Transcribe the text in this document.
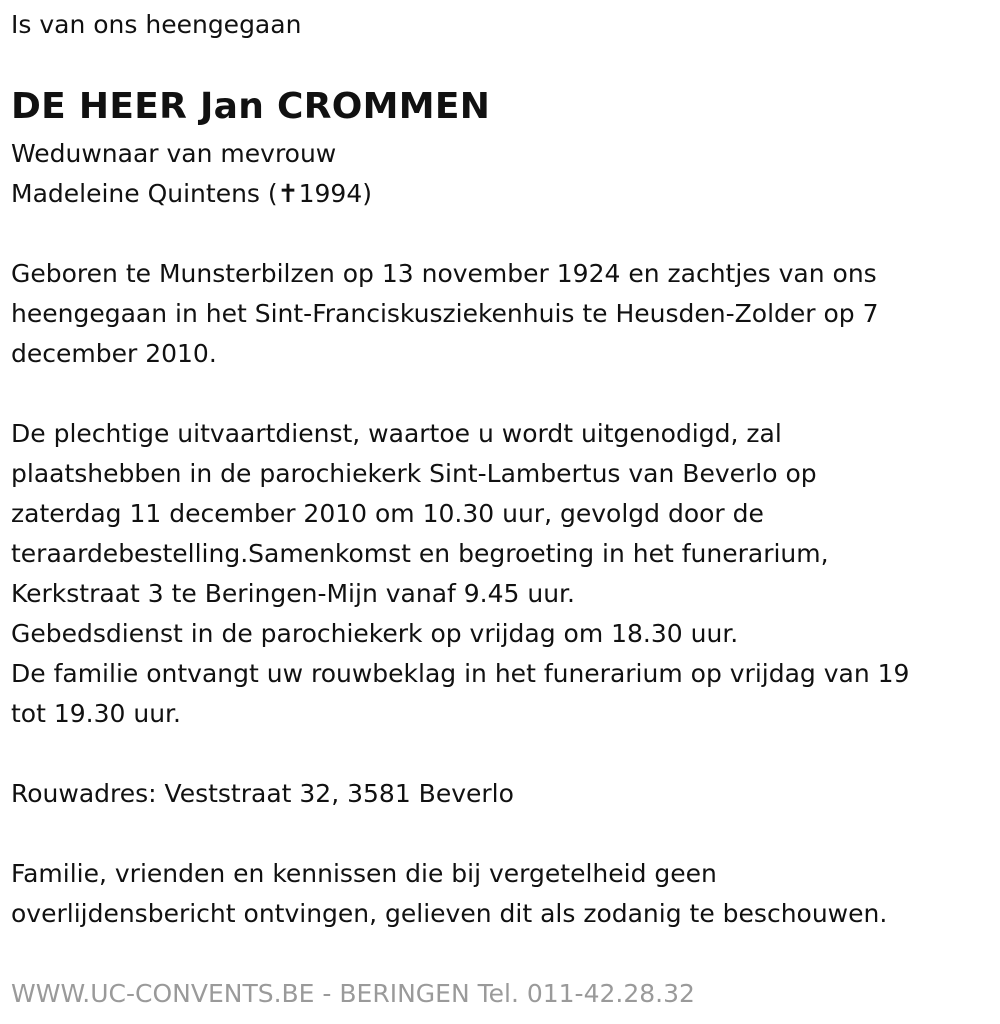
Is van ons heengegaan
DE HEER Jan CROMMEN
Weduwnaar van mevrouw
Madeleine Quintens (✝1994)
Geboren te Munsterbilzen op 13 november 1924 en zachtjes van ons
heengegaan in het Sint-Franciskusziekenhuis te Heusden-Zolder op 7
december 2010.
De plechtige uitvaartdienst, waartoe u wordt uitgenodigd, zal
plaatshebben in de parochiekerk Sint-Lambertus van Beverlo op
zaterdag 11 december 2010 om 10.30 uur, gevolgd door de
teraardebestelling.Samenkomst en begroeting in het funerarium,
Kerkstraat 3 te Beringen-Mijn vanaf 9.45 uur.
Gebedsdienst in de parochiekerk op vrijdag om 18.30 uur.
De familie ontvangt uw rouwbeklag in het funerarium op vrijdag van 19
tot 19.30 uur.
Rouwadres: Veststraat 32, 3581 Beverlo
Familie, vrienden en kennissen die bij vergetelheid geen
overlijdensbericht ontvingen, gelieven dit als zodanig te beschouwen.
WWW.UC-CONVENTS.BE - BERINGEN Tel. 011-42.28.32
